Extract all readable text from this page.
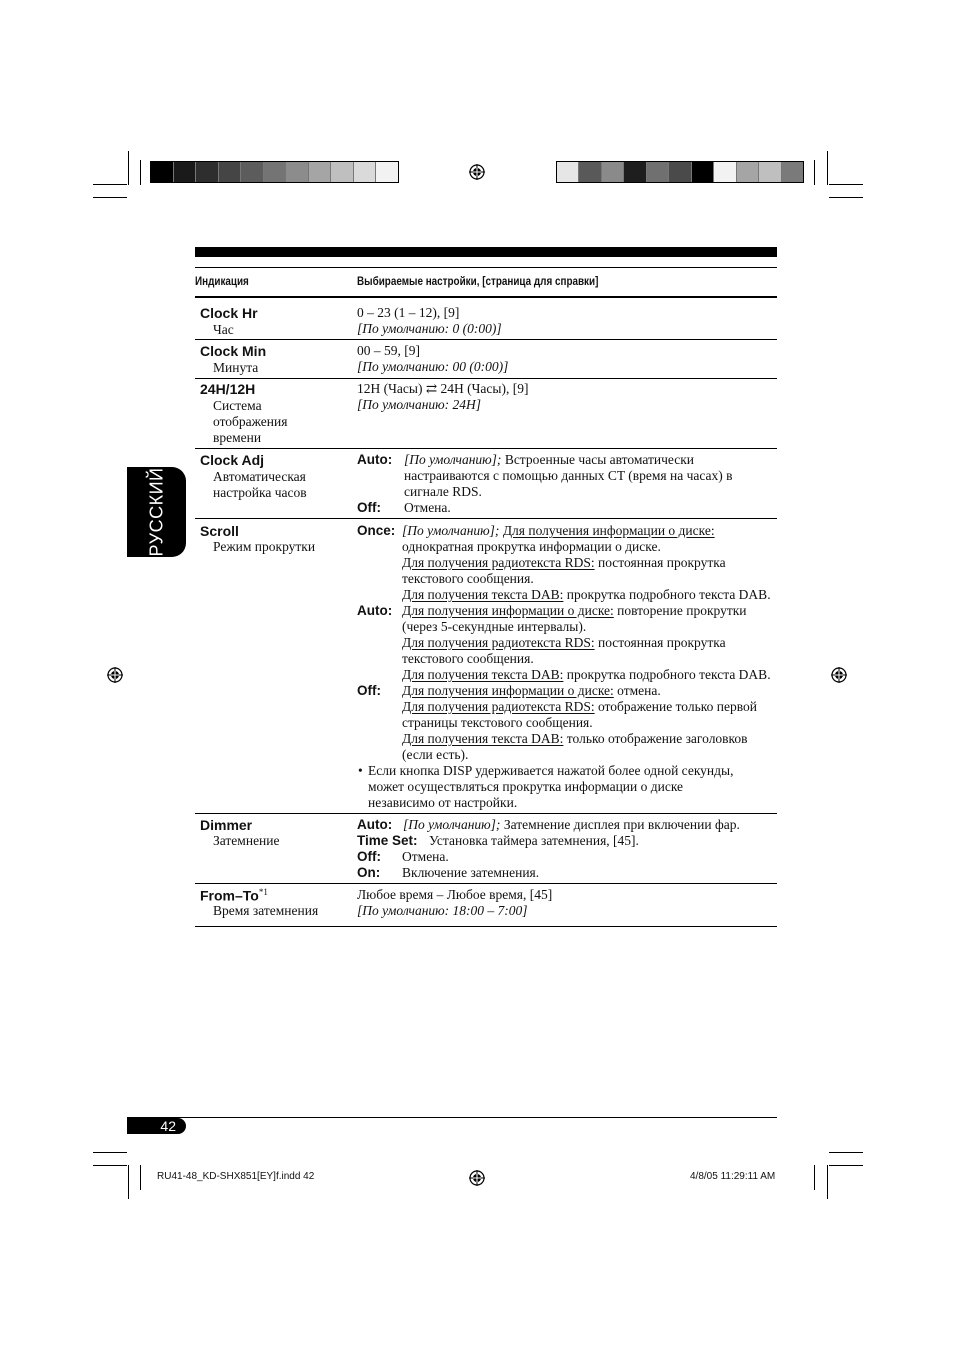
РУССКИЙ
Индикация	Выбираемые настройки, [страница для справки]
Clock Hr
Час
0 – 23 (1 – 12), [9]
[По умолчанию: 0 (0:00)]
Clock Min
Минута
00 – 59, [9]
[По умолчанию: 00 (0:00)]
24H/12H
Система
отображения
времени
12H (Часы) ⇄ 24H (Часы), [9]
[По умолчанию: 24H]
Clock Adj
Автоматическая
настройка часов
Auto: [По умолчанию]; Встроенные часы автоматически
настраиваются с помощью данных CT (время на часах) в
сигнале RDS.
Off: Отмена.
Scroll
Режим прокрутки
Once: [По умолчанию]; Для получения информации о диске:
однократная прокрутка информации о диске.
Для получения радиотекста RDS: постоянная прокрутка
текстового сообщения.
Для получения текста DAB: прокрутка подробного текста DAB.
Auto: Для получения информации о диске: повторение прокрутки
(через 5-секундные интервалы).
Для получения радиотекста RDS: постоянная прокрутка
текстового сообщения.
Для получения текста DAB: прокрутка подробного текста DAB.
Off: Для получения информации о диске: отмена.
Для получения радиотекста RDS: отображение только первой
страницы текстового сообщения.
Для получения текста DAB: только отображение заголовков
(если есть).
• Если кнопка DISP удерживается нажатой более одной секунды,
может осуществляться прокрутка информации о диске
независимо от настройки.
Dimmer
Затемнение
Auto: [По умолчанию]; Затемнение дисплея при включении фар.
Time Set: Установка таймера затемнения, [45].
Off: Отмена.
On: Включение затемнения.
From–To$^{*1}$
Время затемнения
Любое время – Любое время, [45]
[По умолчанию: 18:00 – 7:00]
42
RU41-48_KD-SHX851[EY]f.indd 42	4/8/05 11:29:11 AM
